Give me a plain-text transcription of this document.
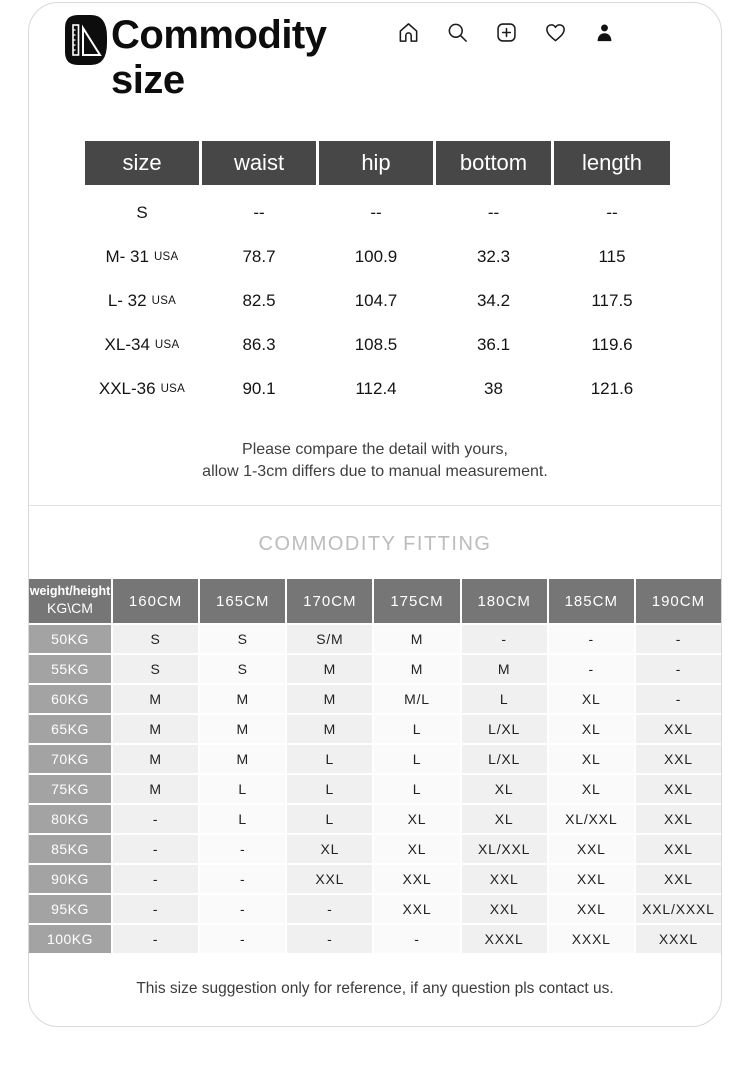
Commodity size
size	waist	hip	bottom	length
S	--	--	--	--
M- 31 USA	78.7	100.9	32.3	115
L- 32 USA	82.5	104.7	34.2	117.5
XL-34 USA	86.3	108.5	36.1	119.6
XXL-36 USA	90.1	112.4	38	121.6
Please compare the detail with yours,
allow 1-3cm differs due to manual measurement.
COMMODITY FITTING
weight/height
KG\CM	160CM	165CM	170CM	175CM	180CM	185CM	190CM
50KG	S	S	S/M	M	-	-	-
55KG	S	S	M	M	M	-	-
60KG	M	M	M	M/L	L	XL	-
65KG	M	M	M	L	L/XL	XL	XXL
70KG	M	M	L	L	L/XL	XL	XXL
75KG	M	L	L	L	XL	XL	XXL
80KG	-	L	L	XL	XL	XL/XXL	XXL
85KG	-	-	XL	XL	XL/XXL	XXL	XXL
90KG	-	-	XXL	XXL	XXL	XXL	XXL
95KG	-	-	-	XXL	XXL	XXL	XXL/XXXL
100KG	-	-	-	-	XXXL	XXXL	XXXL
This size suggestion only for reference, if any question pls contact us.
